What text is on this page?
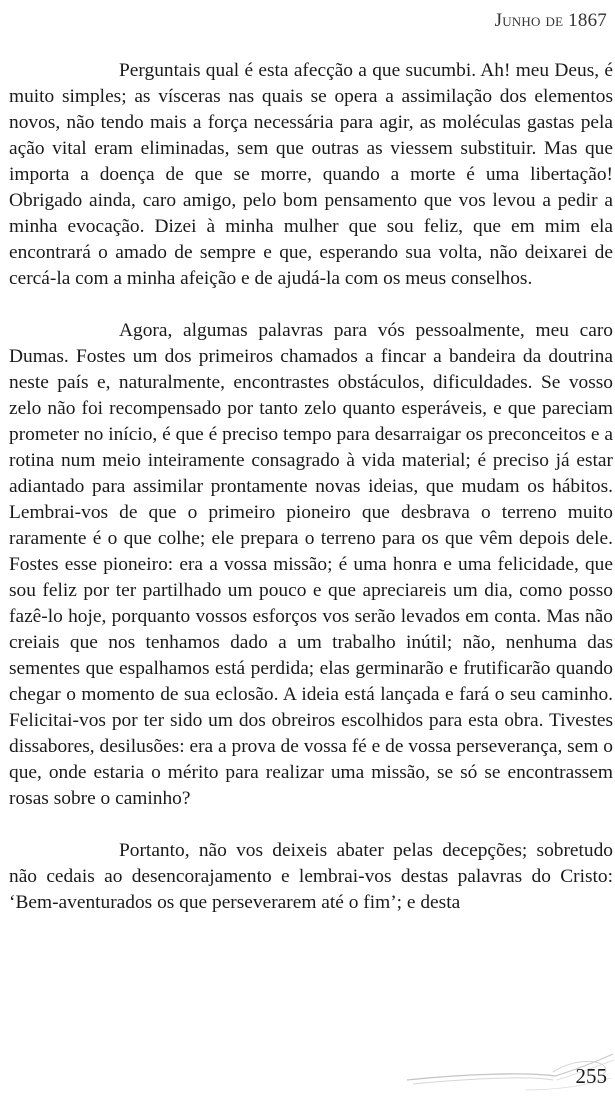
Junho de 1867

Perguntais qual é esta afecção a que sucumbi. Ah! meu Deus, é muito simples; as vísceras nas quais se opera a assimilação dos elementos novos, não tendo mais a força necessária para agir, as moléculas gastas pela ação vital eram eliminadas, sem que outras as viessem substituir. Mas que importa a doença de que se morre, quando a morte é uma libertação! Obrigado ainda, caro amigo, pelo bom pensamento que vos levou a pedir a minha evocação. Dizei à minha mulher que sou feliz, que em mim ela encontrará o amado de sempre e que, esperando sua volta, não deixarei de cercá-la com a minha afeição e de ajudá-la com os meus conselhos.

Agora, algumas palavras para vós pessoalmente, meu caro Dumas. Fostes um dos primeiros chamados a fincar a bandeira da doutrina neste país e, naturalmente, encontrastes obstáculos, dificuldades. Se vosso zelo não foi recompensado por tanto zelo quanto esperáveis, e que pareciam prometer no início, é que é preciso tempo para desarraigar os preconceitos e a rotina num meio inteiramente consagrado à vida material; é preciso já estar adiantado para assimilar prontamente novas ideias, que mudam os hábitos. Lembrai-vos de que o primeiro pioneiro que desbrava o terreno muito raramente é o que colhe; ele prepara o terreno para os que vêm depois dele. Fostes esse pioneiro: era a vossa missão; é uma honra e uma felicidade, que sou feliz por ter partilhado um pouco e que apreciareis um dia, como posso fazê-lo hoje, porquanto vossos esforços vos serão levados em conta. Mas não creiais que nos tenhamos dado a um trabalho inútil; não, nenhuma das sementes que espalhamos está perdida; elas germinarão e frutificarão quando chegar o momento de sua eclosão. A ideia está lançada e fará o seu caminho. Felicitai-vos por ter sido um dos obreiros escolhidos para esta obra. Tivestes dissabores, desilusões: era a prova de vossa fé e de vossa perseverança, sem o que, onde estaria o mérito para realizar uma missão, se só se encontrassem rosas sobre o caminho?

Portanto, não vos deixeis abater pelas decepções; sobretudo não cedais ao desencorajamento e lembrai-vos destas palavras do Cristo: ‘Bem-aventurados os que perseverarem até o fim’; e desta

255
